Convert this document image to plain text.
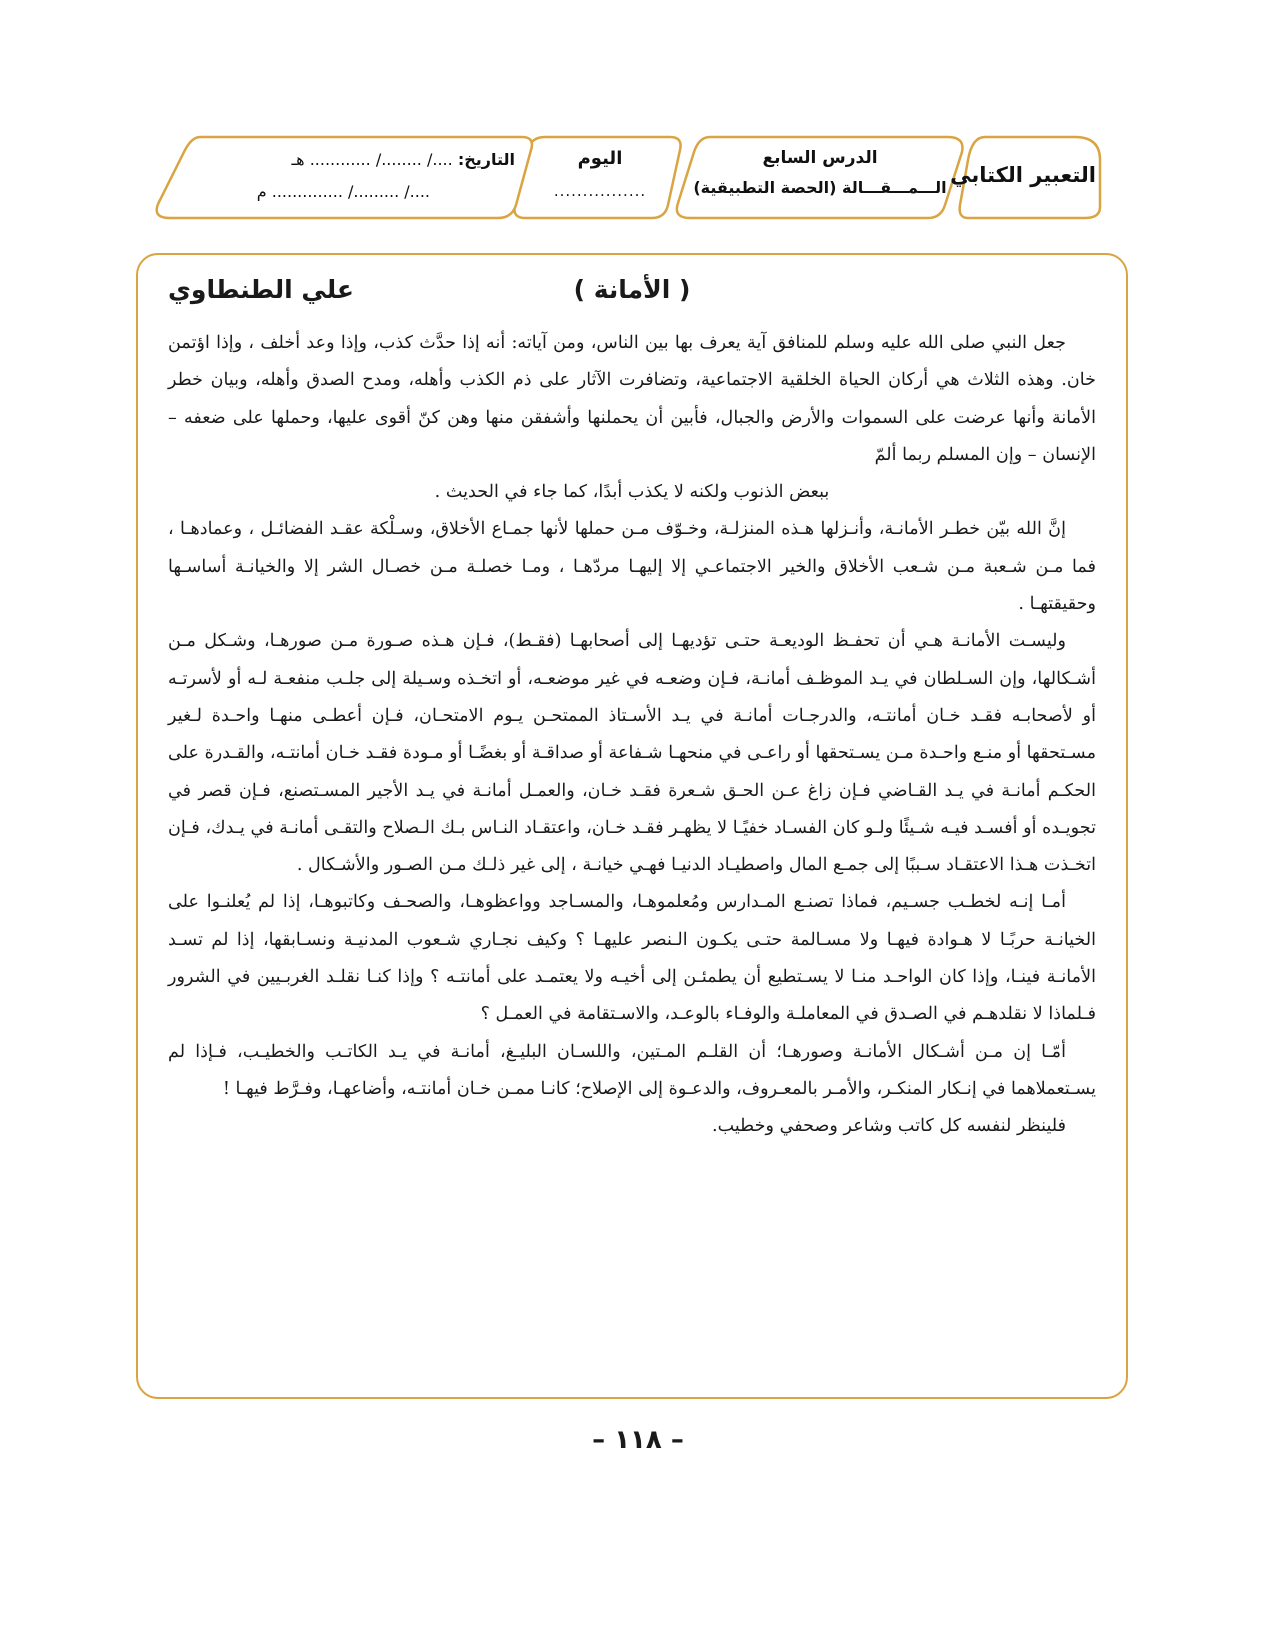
التعبير الكتابي
الدرس السابع
الـــمـــقـــالة (الحصة التطبيقية)
اليوم
................
التاريخ: ..../ ......../ ............ هـ
..../ ........./ .............. م
( الأمانة )
علي الطنطاوي

جعل النبي صلى الله عليه وسلم للمنافق آية يعرف بها بين الناس، ومن آياته: أنه إذا حدَّث كذب، وإذا وعد أخلف ، وإذا اؤتمن خان. وهذه الثلاث هي أركان الحياة الخلقية الاجتماعية، وتضافرت الآثار على ذم الكذب وأهله، ومدح الصدق وأهله، وبيان خطر الأمانة وأنها عرضت على السموات والأرض والجبال، فأبين أن يحملنها وأشفقن منها وهن كنّ أقوى عليها، وحملها على ضعفه – الإنسان – وإن المسلم ربما ألمّ

ببعض الذنوب ولكنه لا يكذب أبدًا، كما جاء في الحديث .

إنَّ الله بيّن خطـر الأمانـة، وأنـزلها هـذه المنزلـة، وخـوّف مـن حملها لأنها جمـاع الأخلاق، وسـلْكة عقـد الفضائـل ، وعمادهـا ، فما مـن شـعبة مـن شـعب الأخلاق والخير الاجتماعـي إلا إليهـا مردّهـا ، ومـا خصلـة مـن خصـال الشر إلا والخيانـة أساسـها وحقيقتهـا .

وليسـت الأمانـة هـي أن تحفـظ الوديعـة حتـى تؤديهـا إلى أصحابهـا (فقـط)، فـإن هـذه صـورة مـن صورهـا، وشـكل مـن أشـكالها، وإن السـلطان في يـد الموظـف أمانـة، فـإن وضعـه في غير موضعـه، أو اتخـذه وسـيلة إلى جلـب منفعـة لـه أو لأسرتـه أو لأصحابـه فقـد خـان أمانتـه، والدرجـات أمانـة في يـد الأسـتاذ الممتحـن يـوم الامتحـان، فـإن أعطـى منهـا واحـدة لـغير مسـتحقها أو منـع واحـدة مـن يسـتحقها أو راعـى في منحهـا شـفاعة أو صداقـة أو بغضًـا أو مـودة فقـد خـان أمانتـه، والقـدرة على الحكـم أمانـة في يـد القـاضي فـإن زاغ عـن الحـق شـعرة فقـد خـان، والعمـل أمانـة في يـد الأجير المسـتصنع، فـإن قصر في تجويـده أو أفسـد فيـه شـيئًا ولـو كان الفسـاد خفيًـا لا يظهـر فقـد خـان، واعتقـاد النـاس بـك الـصلاح والتقـى أمانـة في يـدك، فـإن اتخـذت هـذا الاعتقـاد سـببًا إلى جمـع المال واصطيـاد الدنيـا فهـي خيانـة ، إلى غير ذلـك مـن الصـور والأشـكال .

أمـا إنـه لخطـب جسـيم، فماذا تصنـع المـدارس ومُعلموهـا، والمسـاجد وواعظوهـا، والصحـف وكاتبوهـا، إذا لم يُعلنـوا على الخيانـة حربًـا لا هـوادة فيهـا ولا مسـالمة حتـى يكـون الـنصر عليهـا ؟ وكيف نجـاري شـعوب المدنيـة ونسـابقها، إذا لم تسـد الأمانـة فينـا، وإذا كان الواحـد منـا لا يسـتطيع أن يطمئـن إلى أخيـه ولا يعتمـد على أمانتـه ؟ وإذا كنـا نقلـد الغربـيين في الشرور فـلماذا لا نقلدهـم في الصـدق في المعاملـة والوفـاء بالوعـد، والاسـتقامة في العمـل ؟

أمّـا إن مـن أشـكال الأمانـة وصورهـا؛ أن القلـم المـتين، واللسـان البليـغ، أمانـة في يـد الكاتـب والخطيـب، فـإذا لم يسـتعملاهما في إنـكار المنكـر، والأمـر بالمعـروف، والدعـوة إلى الإصلاح؛ كانـا ممـن خـان أمانتـه، وأضاعهـا، وفـرَّط فيهـا !

فلينظر لنفسه كل كاتب وشاعر وصحفي وخطيب.

– ١١٨ –
